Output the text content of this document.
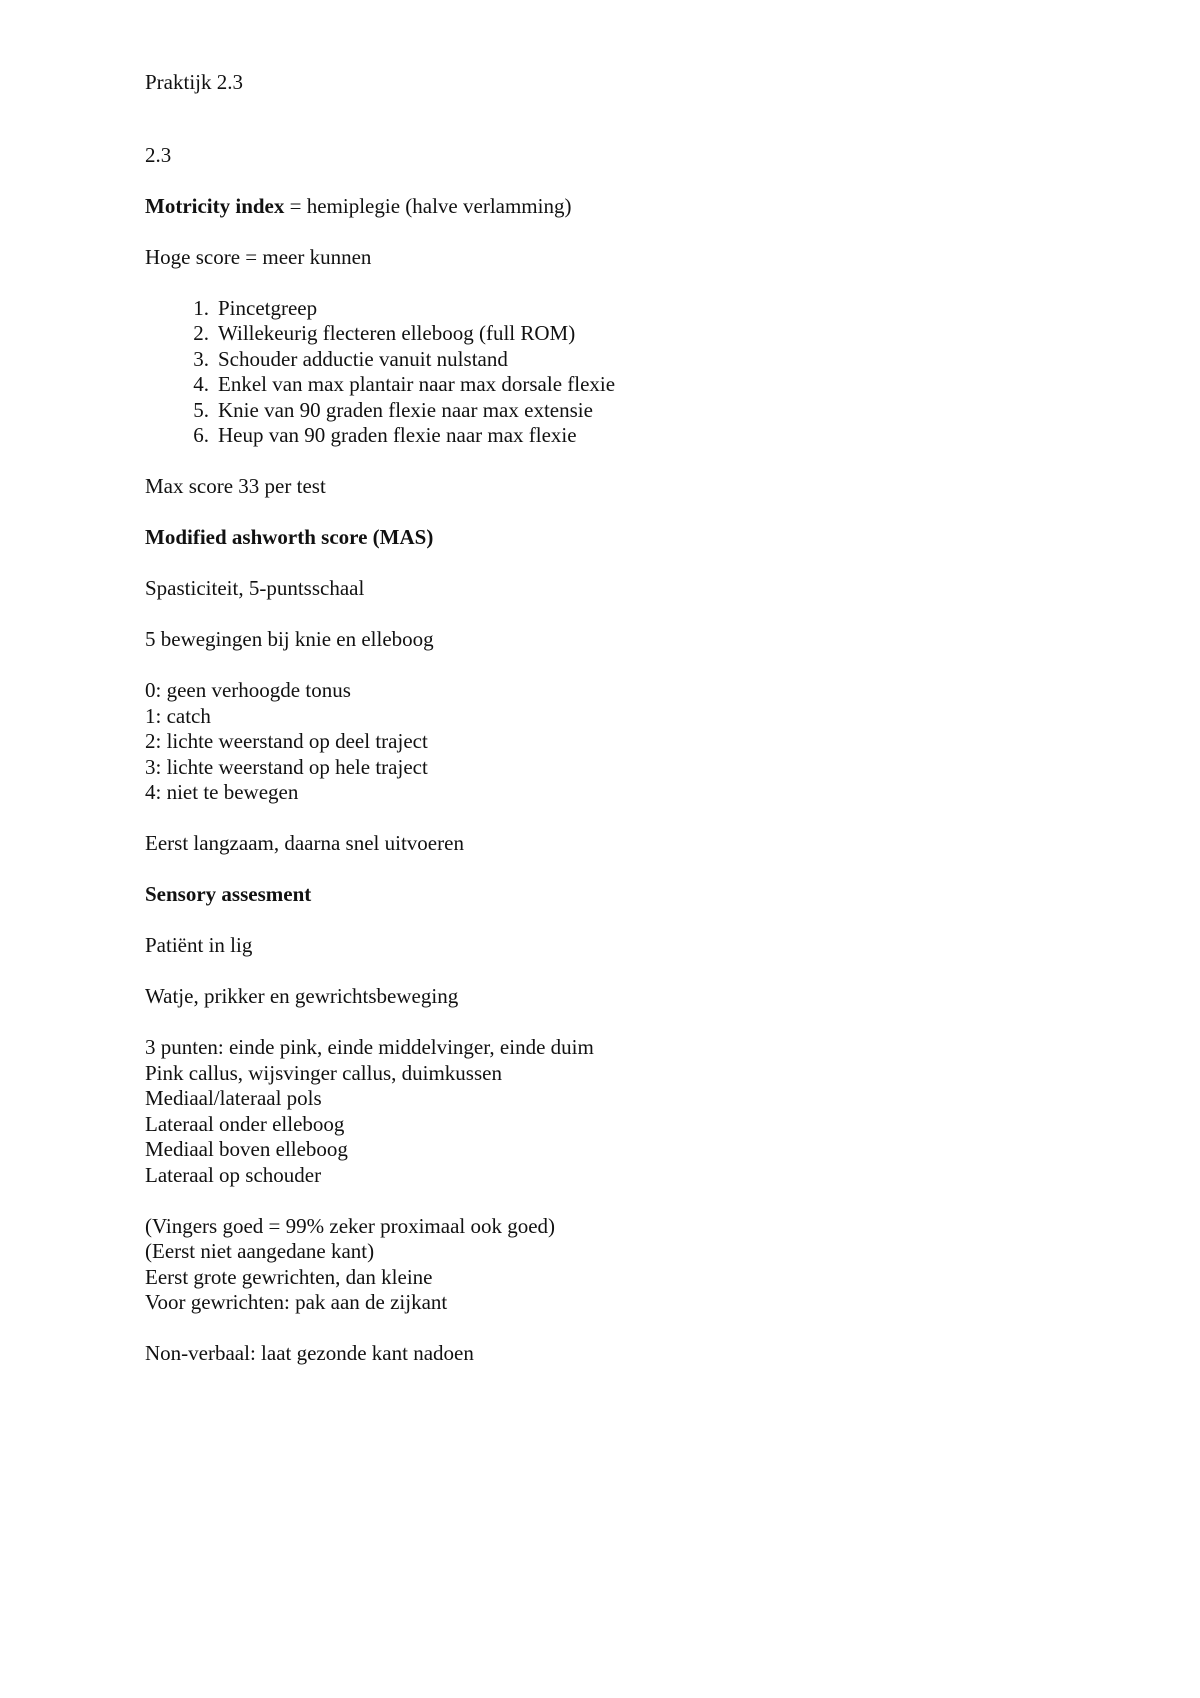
Praktijk 2.3
2.3
Motricity index = hemiplegie (halve verlamming)
Hoge score = meer kunnen
1. Pincetgreep
2. Willekeurig flecteren elleboog (full ROM)
3. Schouder adductie vanuit nulstand
4. Enkel van max plantair naar max dorsale flexie
5. Knie van 90 graden flexie naar max extensie
6. Heup van 90 graden flexie naar max flexie
Max score 33 per test
Modified ashworth score (MAS)
Spasticiteit, 5-puntsschaal
5 bewegingen bij knie en elleboog
0: geen verhoogde tonus
1: catch
2: lichte weerstand op deel traject
3: lichte weerstand op hele traject
4: niet te bewegen
Eerst langzaam, daarna snel uitvoeren
Sensory assesment
Patiënt in lig
Watje, prikker en gewrichtsbeweging
3 punten: einde pink, einde middelvinger, einde duim
Pink callus, wijsvinger callus, duimkussen
Mediaal/lateraal pols
Lateraal onder elleboog
Mediaal boven elleboog
Lateraal op schouder
(Vingers goed = 99% zeker proximaal ook goed)
(Eerst niet aangedane kant)
Eerst grote gewrichten, dan kleine
Voor gewrichten: pak aan de zijkant
Non-verbaal: laat gezonde kant nadoen
